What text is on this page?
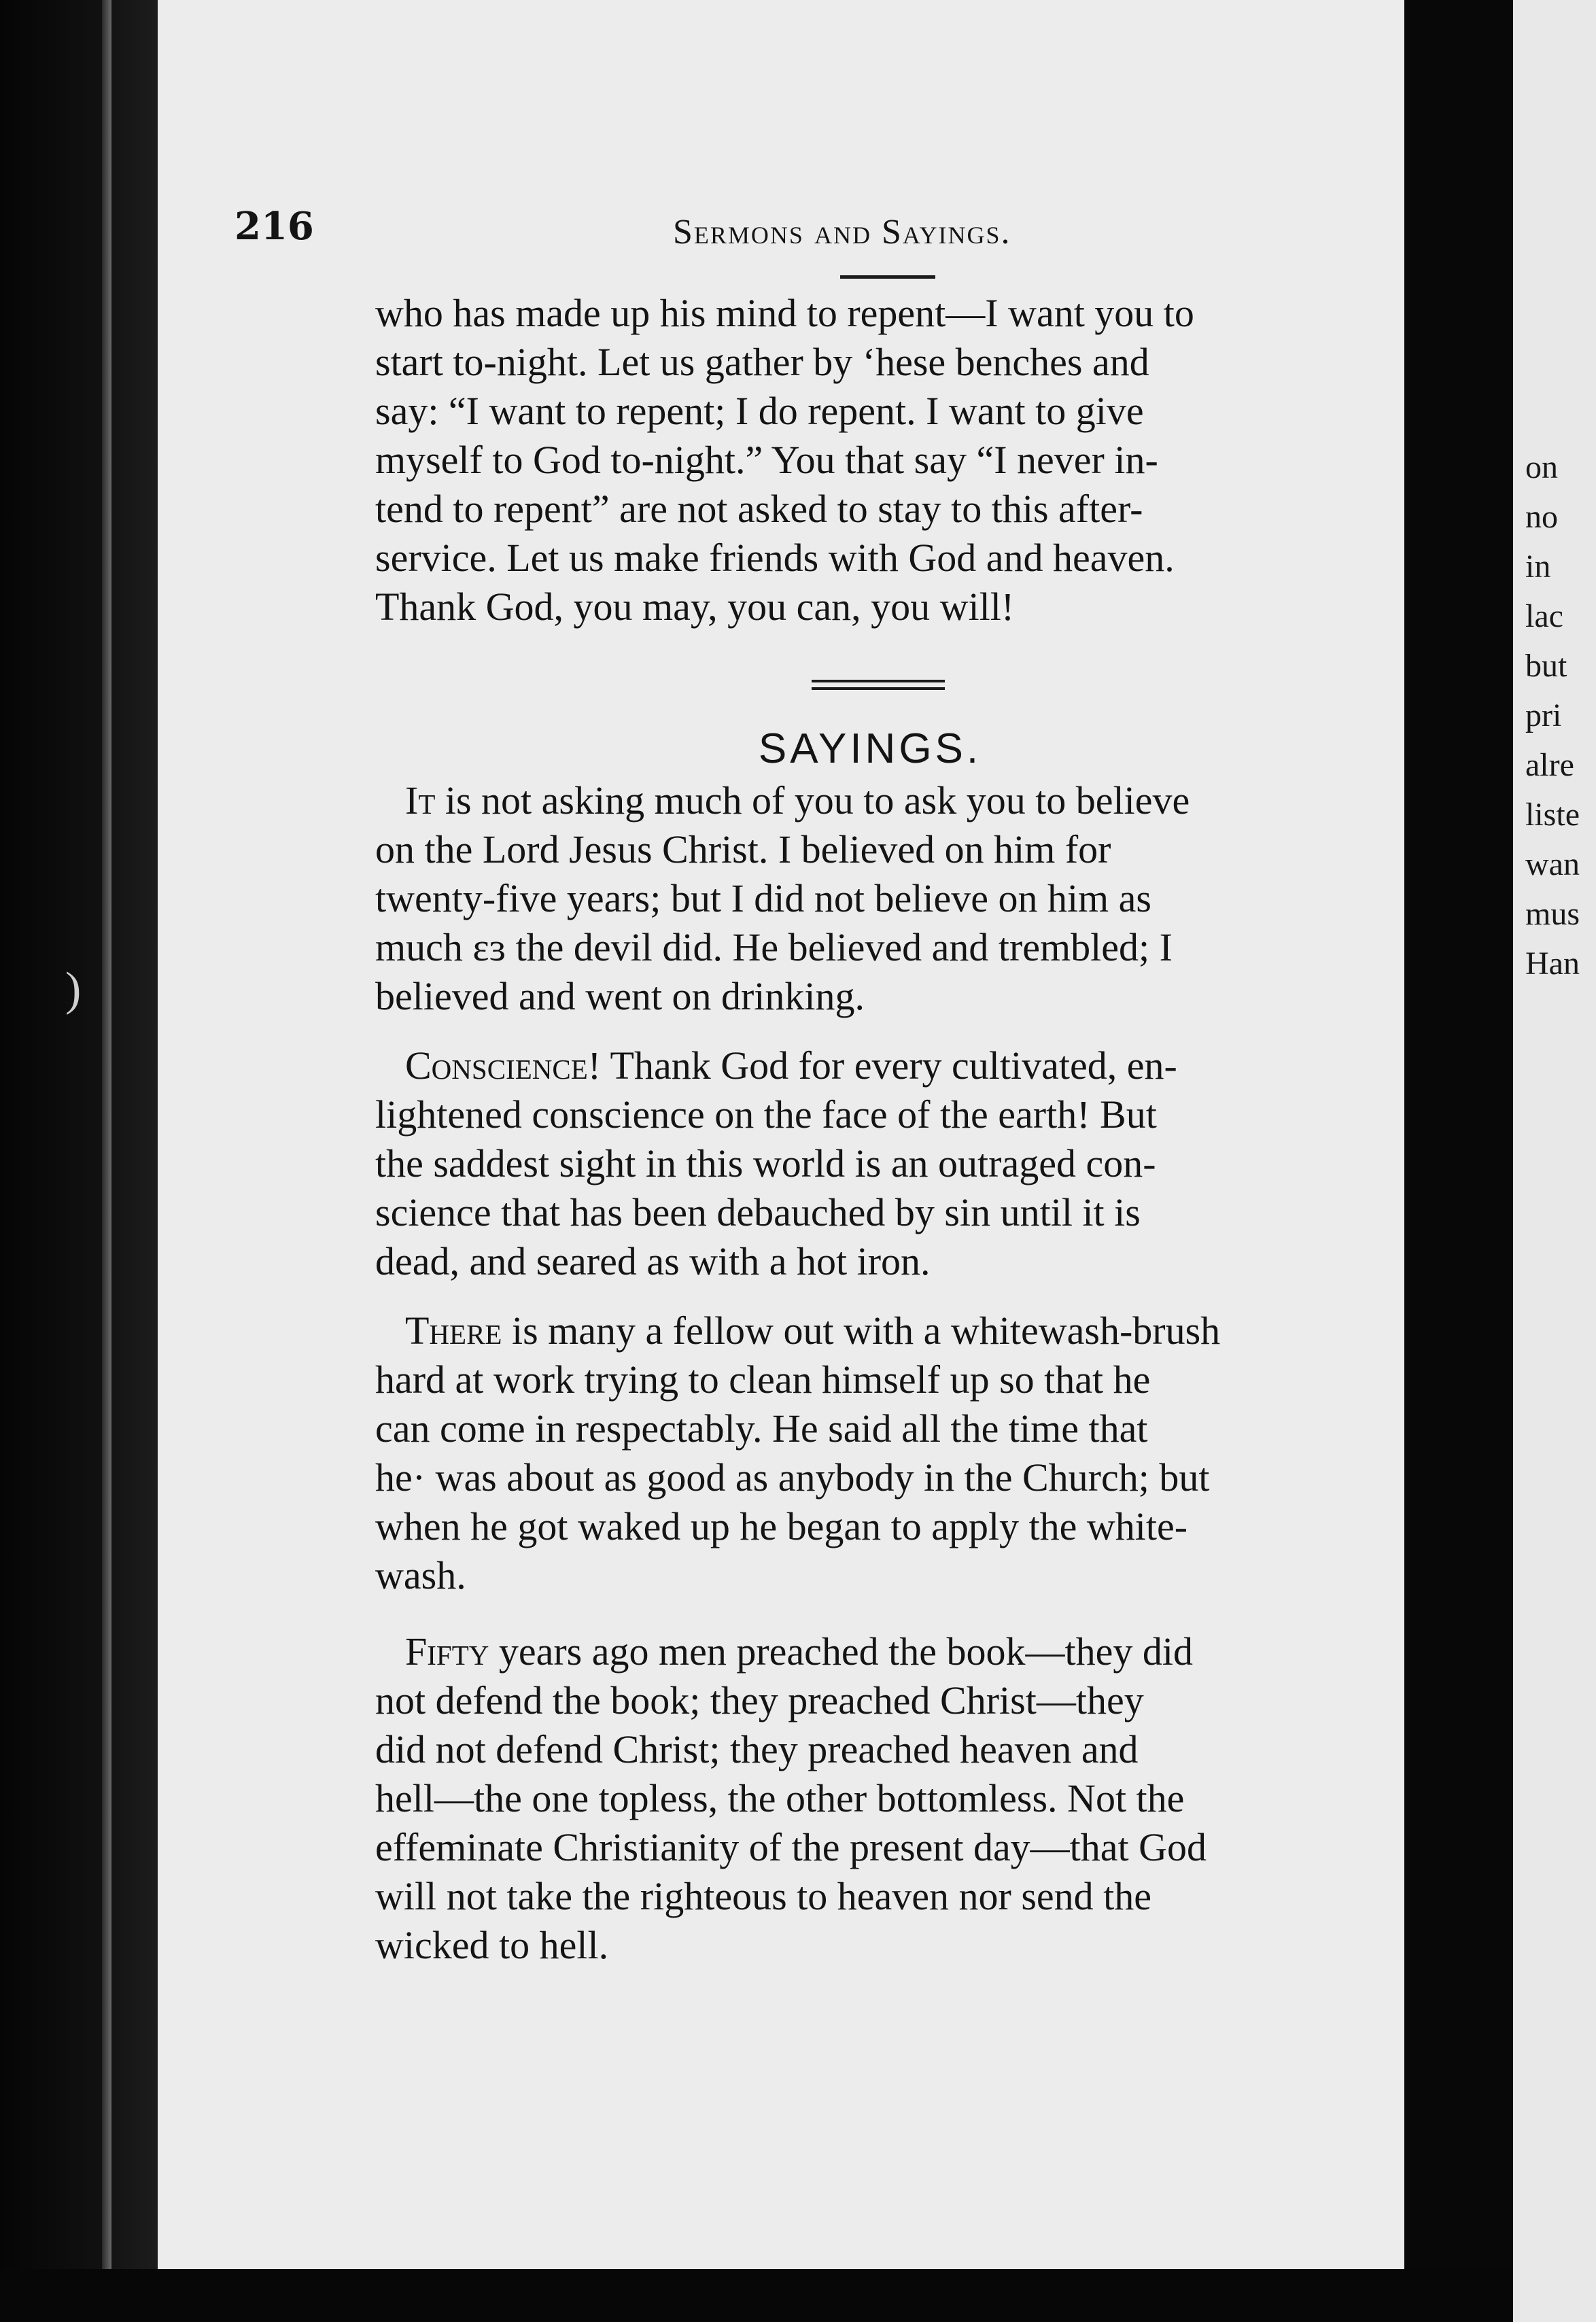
on
no
in
lac
but
pri
alre
liste
wan
mus
Han
)
216	Sermons and Sayings.

who has made up his mind to repent—I want you to

start to-night. Let us gather by ‘hese benches and

say: “I want to repent; I do repent. I want to give

myself to God to-night.” You that say “I never in-

tend to repent” are not asked to stay to this after-

service. Let us make friends with God and heaven.

Thank God, you may, you can, you will!

SAYINGS.

It is not asking much of you to ask you to believe

on the Lord Jesus Christ. I believed on him for

twenty-five years; but I did not believe on him as

much ɛɜ the devil did. He believed and trembled; I

believed and went on drinking.

Conscience! Thank God for every cultivated, en-

lightened conscience on the face of the earth! But

the saddest sight in this world is an outraged con-

science that has been debauched by sin until it is

dead, and seared as with a hot iron.

There is many a fellow out with a whitewash-brush

hard at work trying to clean himself up so that he

can come in respectably. He said all the time that

hе· was about as good as anybody in the Church; but

when he got waked up he began to apply the white-

wash.

Fifty years ago men preached the book—they did

not defend the book; they preached Christ—they

did not defend Christ; they preached heaven and

hell—the one topless, the other bottomless. Not the

effeminate Christianity of the present day—that God

will not take the righteous to heaven nor send the

wicked to hell.
